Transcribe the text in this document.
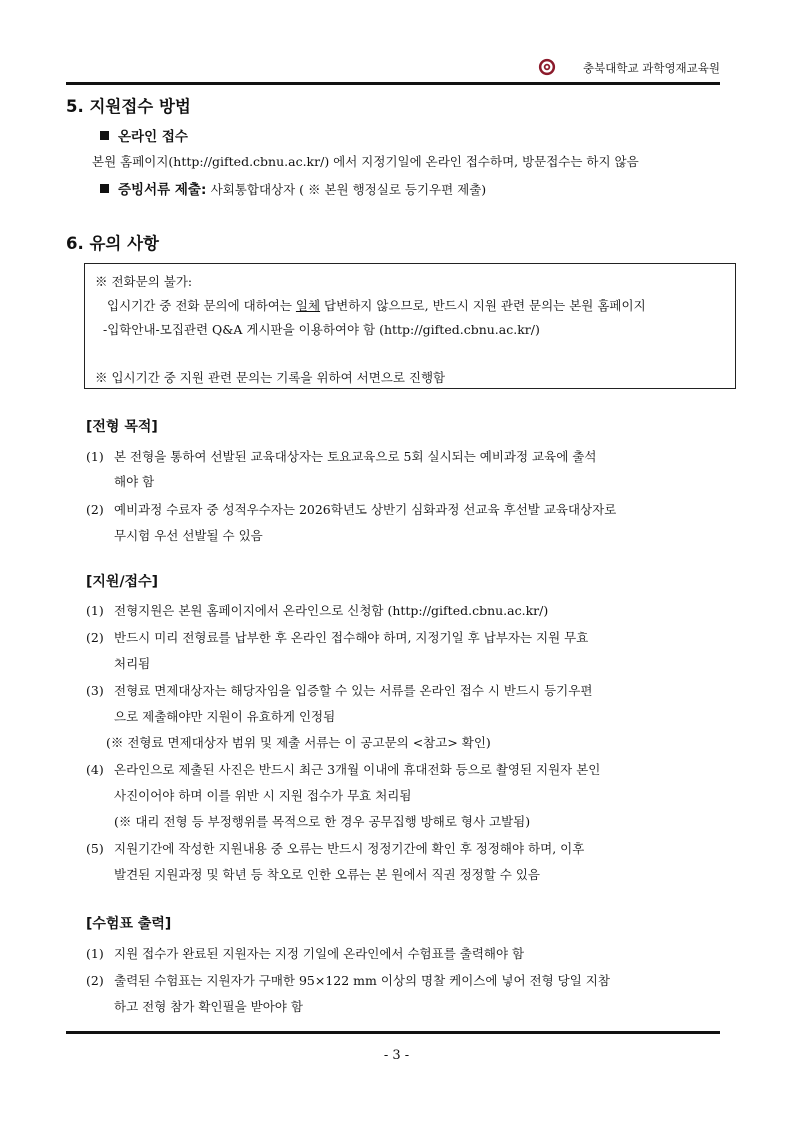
충북대학교 과학영재교육원
5. 지원접수 방법
온라인 접수
본원 홈페이지(http://gifted.cbnu.ac.kr/) 에서 지정기일에 온라인 접수하며, 방문접수는 하지 않음
증빙서류 제출: 사회통합대상자 ( ※ 본원 행정실로 등기우편 제출)
6. 유의 사항
※ 전화문의 불가:
입시기간 중 전화 문의에 대하여는 일체 답변하지 않으므로, 반드시 지원 관련 문의는 본원 홈페이지
-입학안내-모집관련 Q&A 게시판을 이용하여야 함 (http://gifted.cbnu.ac.kr/)
※ 입시기간 중 지원 관련 문의는 기록을 위하여 서면으로 진행함
[전형 목적]
(1) 본 전형을 통하여 선발된 교육대상자는 토요교육으로 5회 실시되는 예비과정 교육에 출석
해야 함
(2) 예비과정 수료자 중 성적우수자는 2026학년도 상반기 심화과정 선교육 후선발 교육대상자로
무시험 우선 선발될 수 있음
[지원/접수]
(1) 전형지원은 본원 홈페이지에서 온라인으로 신청함 (http://gifted.cbnu.ac.kr/)
(2) 반드시 미리 전형료를 납부한 후 온라인 접수해야 하며, 지정기일 후 납부자는 지원 무효
처리됨
(3) 전형료 면제대상자는 해당자임을 입증할 수 있는 서류를 온라인 접수 시 반드시 등기우편
으로 제출해야만 지원이 유효하게 인정됨
(※ 전형료 면제대상자 범위 및 제출 서류는 이 공고문의 <참고> 확인)
(4) 온라인으로 제출된 사진은 반드시 최근 3개월 이내에 휴대전화 등으로 촬영된 지원자 본인
사진이어야 하며 이를 위반 시 지원 접수가 무효 처리됨
(※ 대리 전형 등 부정행위를 목적으로 한 경우 공무집행 방해로 형사 고발됨)
(5) 지원기간에 작성한 지원내용 중 오류는 반드시 정정기간에 확인 후 정정해야 하며, 이후
발견된 지원과정 및 학년 등 착오로 인한 오류는 본 원에서 직권 정정할 수 있음
[수험표 출력]
(1) 지원 접수가 완료된 지원자는 지정 기일에 온라인에서 수험표를 출력해야 함
(2) 출력된 수험표는 지원자가 구매한 95×122 mm 이상의 명찰 케이스에 넣어 전형 당일 지참
하고 전형 참가 확인필을 받아야 함
- 3 -
